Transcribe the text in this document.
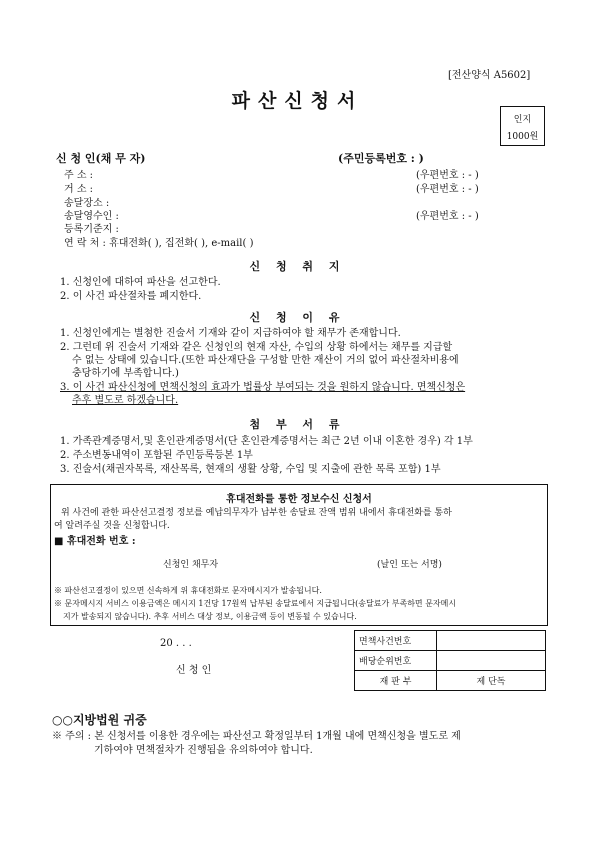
[전산양식 A5602]
파산신청서
인지
1000원
신 청 인(채 무 자)	(주민등록번호 : )
주 소 :	(우편번호 : - )
거 소 :	(우편번호 : - )
송달장소 :
송달영수인 :	(우편번호 : - )
등록기준지 :
연 락 처 : 휴대전화( ), 집전화( ), e-mail( )
신 청 취 지
1. 신청인에 대하여 파산을 선고한다.
2. 이 사건 파산절차를 폐지한다.
신 청 이 유
1. 신청인에게는 별첨한 진술서 기재와 같이 지급하여야 할 채무가 존재합니다.
2. 그런데 위 진술서 기재와 같은 신청인의 현재 자산, 수입의 상황 하에서는 채무를 지급할
수 없는 상태에 있습니다.(또한 파산재단을 구성할 만한 재산이 거의 없어 파산절차비용에
충당하기에 부족합니다.)
3. 이 사건 파산신청에 면책신청의 효과가 법률상 부여되는 것을 원하지 않습니다. 면책신청은
추후 별도로 하겠습니다.
첨 부 서 류
1. 가족관계증명서,및 혼인관계증명서(단 혼인관계증명서는 최근 2년 이내 이혼한 경우) 각 1부
2. 주소변동내역이 포함된 주민등록등본 1부
3. 진술서(채권자목록, 재산목록, 현재의 생활 상황, 수입 및 지출에 관한 목록 포함) 1부
휴대전화를 통한 정보수신 신청서
위 사건에 관한 파산선고결정 정보를 예납의무자가 납부한 송달료 잔액 범위 내에서 휴대전화를 통하
여 알려주실 것을 신청합니다.
■ 휴대전화 번호 :
신청인 채무자	(날인 또는 서명)
※ 파산선고결정이 있으면 신속하게 위 휴대전화로 문자메시지가 발송됩니다.
※ 문자메시지 서비스 이용금액은 메시지 1건당 17원씩 납부된 송달료에서 지급됩니다(송달료가 부족하면 문자메시
지가 발송되지 않습니다). 추후 서비스 대상 정보, 이용금액 등이 변동될 수 있습니다.
20 . . .
신 청 인
면책사건번호	
배당순위번호	
재 판 부	제 단독
○○지방법원 귀중
※ 주의 : 본 신청서를 이용한 경우에는 파산선고 확정일부터 1개월 내에 면책신청을 별도로 제
기하여야 면책절차가 진행됨을 유의하여야 합니다.
